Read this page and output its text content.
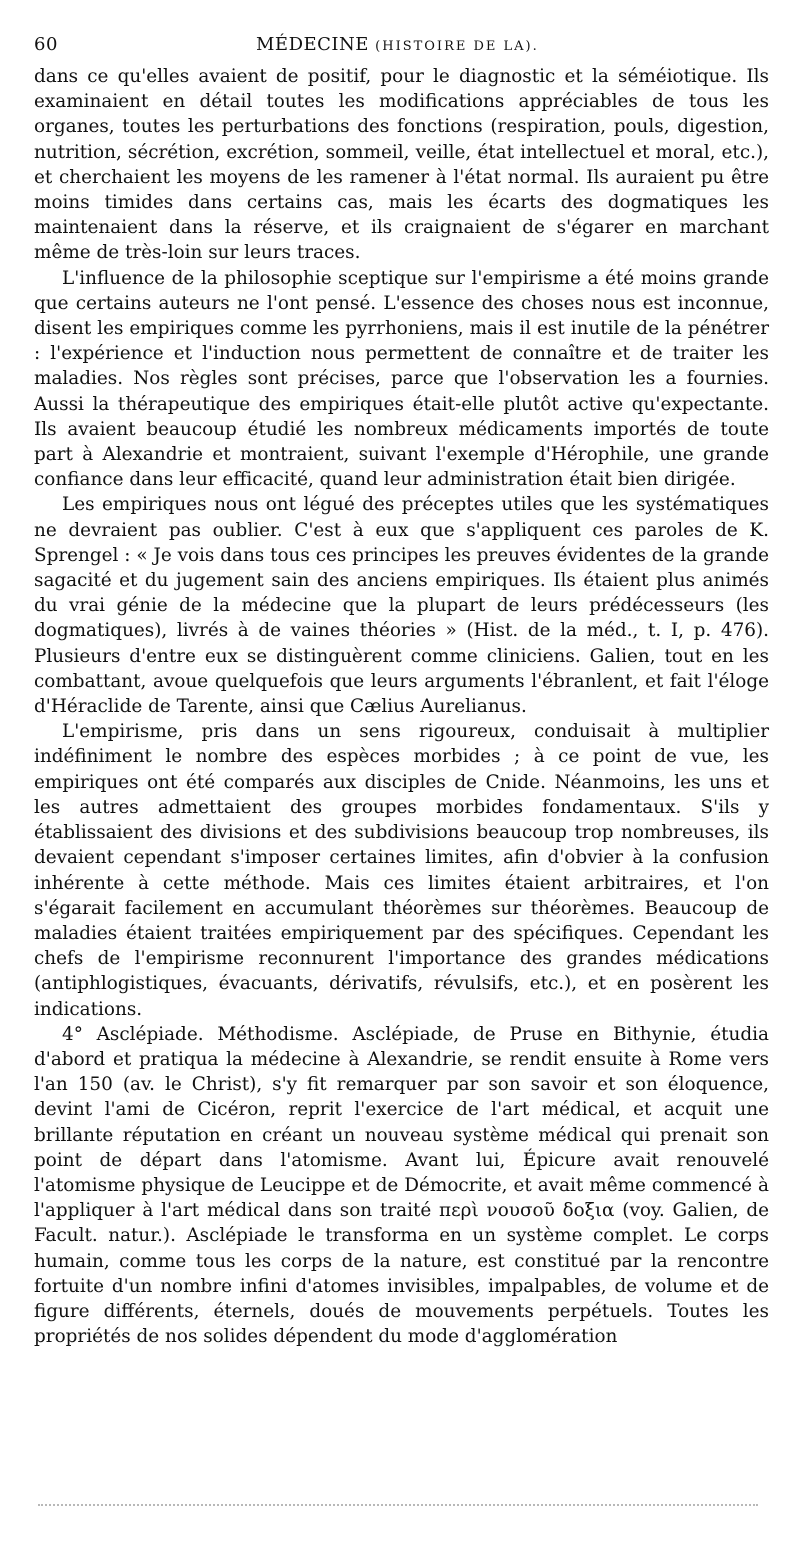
60	MÉDECINE (HISTOIRE DE LA).

dans ce qu'elles avaient de positif, pour le diagnostic et la séméiotique. Ils examinaient en détail toutes les modifications appréciables de tous les organes, toutes les perturbations des fonctions (respiration, pouls, digestion, nutrition, sécrétion, excrétion, sommeil, veille, état intellectuel et moral, etc.), et cherchaient les moyens de les ramener à l'état normal. Ils auraient pu être moins timides dans certains cas, mais les écarts des dogmatiques les maintenaient dans la réserve, et ils craignaient de s'égarer en marchant même de très-loin sur leurs traces.

L'influence de la philosophie sceptique sur l'empirisme a été moins grande que certains auteurs ne l'ont pensé. L'essence des choses nous est inconnue, disent les empiriques comme les pyrrhoniens, mais il est inutile de la pénétrer : l'expérience et l'induction nous permettent de connaître et de traiter les maladies. Nos règles sont précises, parce que l'observation les a fournies. Aussi la thérapeutique des empiriques était-elle plutôt active qu'expectante. Ils avaient beaucoup étudié les nombreux médicaments importés de toute part à Alexandrie et montraient, suivant l'exemple d'Hérophile, une grande confiance dans leur efficacité, quand leur administration était bien dirigée.

Les empiriques nous ont légué des préceptes utiles que les systématiques ne devraient pas oublier. C'est à eux que s'appliquent ces paroles de K. Sprengel : « Je vois dans tous ces principes les preuves évidentes de la grande sagacité et du jugement sain des anciens empiriques. Ils étaient plus animés du vrai génie de la médecine que la plupart de leurs prédécesseurs (les dogmatiques), livrés à de vaines théories » (Hist. de la méd., t. I, p. 476). Plusieurs d'entre eux se distinguèrent comme cliniciens. Galien, tout en les combattant, avoue quelquefois que leurs arguments l'ébranlent, et fait l'éloge d'Héraclide de Tarente, ainsi que Cælius Aurelianus.

L'empirisme, pris dans un sens rigoureux, conduisait à multiplier indéfiniment le nombre des espèces morbides ; à ce point de vue, les empiriques ont été comparés aux disciples de Cnide. Néanmoins, les uns et les autres admettaient des groupes morbides fondamentaux. S'ils y établissaient des divisions et des subdivisions beaucoup trop nombreuses, ils devaient cependant s'imposer certaines limites, afin d'obvier à la confusion inhérente à cette méthode. Mais ces limites étaient arbitraires, et l'on s'égarait facilement en accumulant théorèmes sur théorèmes. Beaucoup de maladies étaient traitées empiriquement par des spécifiques. Cependant les chefs de l'empirisme reconnurent l'importance des grandes médications (antiphlogistiques, évacuants, dérivatifs, révulsifs, etc.), et en posèrent les indications.

4° Asclépiade. Méthodisme. Asclépiade, de Pruse en Bithynie, étudia d'abord et pratiqua la médecine à Alexandrie, se rendit ensuite à Rome vers l'an 150 (av. le Christ), s'y fit remarquer par son savoir et son éloquence, devint l'ami de Cicéron, reprit l'exercice de l'art médical, et acquit une brillante réputation en créant un nouveau système médical qui prenait son point de départ dans l'atomisme. Avant lui, Épicure avait renouvelé l'atomisme physique de Leucippe et de Démocrite, et avait même commencé à l'appliquer à l'art médical dans son traité περὶ νουσοῦ δοξια (voy. Galien, de Facult. natur.). Asclépiade le transforma en un système complet. Le corps humain, comme tous les corps de la nature, est constitué par la rencontre fortuite d'un nombre infini d'atomes invisibles, impalpables, de volume et de figure différents, éternels, doués de mouvements perpétuels. Toutes les propriétés de nos solides dépendent du mode d'agglomération
